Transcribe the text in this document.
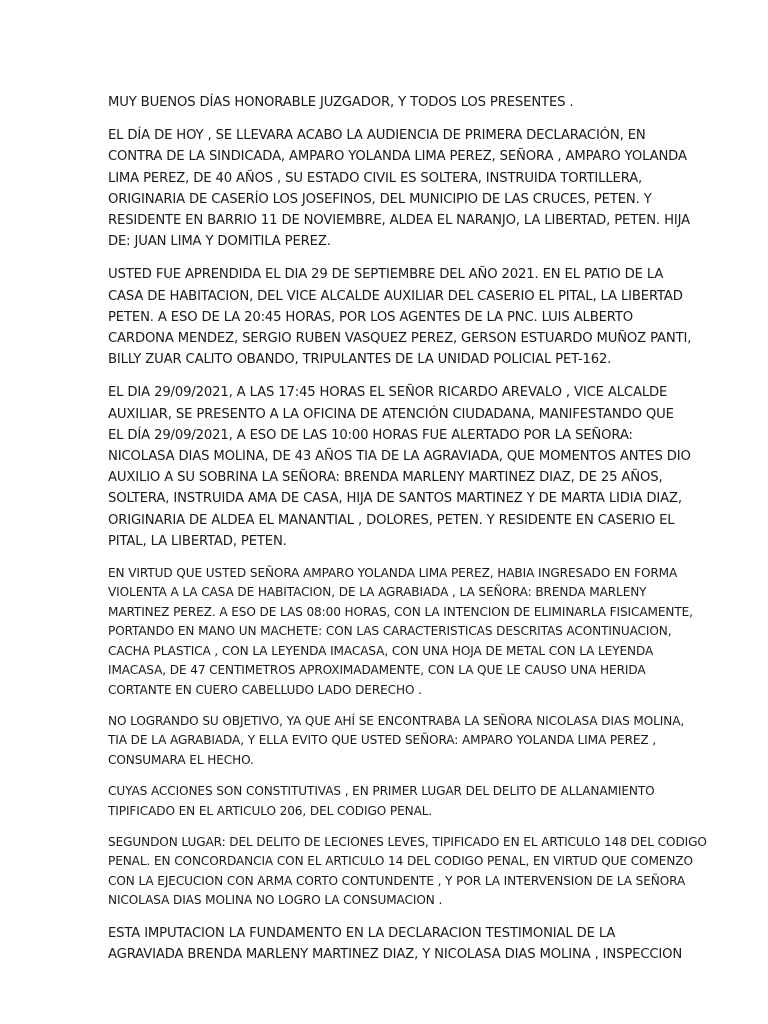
MUY BUENOS DÍAS HONORABLE JUZGADOR, Y TODOS LOS PRESENTES .

EL DÍA DE HOY , SE LLEVARA ACABO LA AUDIENCIA DE PRIMERA DECLARACIÓN, EN
CONTRA DE LA SINDICADA, AMPARO YOLANDA LIMA PEREZ, SEÑORA , AMPARO YOLANDA
LIMA PEREZ, DE 40 AÑOS , SU ESTADO CIVIL ES SOLTERA, INSTRUIDA TORTILLERA,
ORIGINARIA DE CASERÍO LOS JOSEFINOS, DEL MUNICIPIO DE LAS CRUCES, PETEN. Y
RESIDENTE EN BARRIO 11 DE NOVIEMBRE, ALDEA EL NARANJO, LA LIBERTAD, PETEN. HIJA
DE: JUAN LIMA Y DOMITILA PEREZ.

USTED FUE APRENDIDA EL DIA 29 DE SEPTIEMBRE DEL AÑO 2021. EN EL PATIO DE LA
CASA DE HABITACION, DEL VICE ALCALDE AUXILIAR DEL CASERIO EL PITAL, LA LIBERTAD
PETEN. A ESO DE LA 20:45 HORAS, POR LOS AGENTES DE LA PNC. LUIS ALBERTO
CARDONA MENDEZ, SERGIO RUBEN VASQUEZ PEREZ, GERSON ESTUARDO MUÑOZ PANTI,
BILLY ZUAR CALITO OBANDO, TRIPULANTES DE LA UNIDAD POLICIAL PET-162.

EL DIA 29/09/2021, A LAS 17:45 HORAS EL SEÑOR RICARDO AREVALO , VICE ALCALDE
AUXILIAR, SE PRESENTO A LA OFICINA DE ATENCIÓN CIUDADANA, MANIFESTANDO QUE
EL DÍA 29/09/2021, A ESO DE LAS 10:00 HORAS FUE ALERTADO POR LA SEÑORA:
NICOLASA DIAS MOLINA, DE 43 AÑOS TIA DE LA AGRAVIADA, QUE MOMENTOS ANTES DIO
AUXILIO A SU SOBRINA LA SEÑORA: BRENDA MARLENY MARTINEZ DIAZ, DE 25 AÑOS,
SOLTERA, INSTRUIDA AMA DE CASA, HIJA DE SANTOS MARTINEZ Y DE MARTA LIDIA DIAZ,
ORIGINARIA DE ALDEA EL MANANTIAL , DOLORES, PETEN. Y RESIDENTE EN CASERIO EL
PITAL, LA LIBERTAD, PETEN.

EN VIRTUD QUE USTED SEÑORA AMPARO YOLANDA LIMA PEREZ, HABIA INGRESADO EN FORMA
VIOLENTA A LA CASA DE HABITACION, DE LA AGRABIADA , LA SEÑORA: BRENDA MARLENY
MARTINEZ PEREZ. A ESO DE LAS 08:00 HORAS, CON LA INTENCION DE ELIMINARLA FISICAMENTE,
PORTANDO EN MANO UN MACHETE: CON LAS CARACTERISTICAS DESCRITAS ACONTINUACION,
CACHA PLASTICA , CON LA LEYENDA IMACASA, CON UNA HOJA DE METAL CON LA LEYENDA
IMACASA, DE 47 CENTIMETROS APROXIMADAMENTE, CON LA QUE LE CAUSO UNA HERIDA
CORTANTE EN CUERO CABELLUDO LADO DERECHO .

NO LOGRANDO SU OBJETIVO, YA QUE AHÍ SE ENCONTRABA LA SEÑORA NICOLASA DIAS MOLINA,
TIA DE LA AGRABIADA, Y ELLA EVITO QUE USTED SEÑORA: AMPARO YOLANDA LIMA PEREZ ,
CONSUMARA EL HECHO.

CUYAS ACCIONES SON CONSTITUTIVAS , EN PRIMER LUGAR DEL DELITO DE ALLANAMIENTO
TIPIFICADO EN EL ARTICULO 206, DEL CODIGO PENAL.

SEGUNDON LUGAR: DEL DELITO DE LECIONES LEVES, TIPIFICADO EN EL ARTICULO 148 DEL CODIGO
PENAL. EN CONCORDANCIA CON EL ARTICULO 14 DEL CODIGO PENAL, EN VIRTUD QUE COMENZO
CON LA EJECUCION CON ARMA CORTO CONTUNDENTE , Y POR LA INTERVENSION DE LA SEÑORA
NICOLASA DIAS MOLINA NO LOGRO LA CONSUMACION .

ESTA IMPUTACION LA FUNDAMENTO EN LA DECLARACION TESTIMONIAL DE LA
AGRAVIADA BRENDA MARLENY MARTINEZ DIAZ, Y NICOLASA DIAS MOLINA , INSPECCION
